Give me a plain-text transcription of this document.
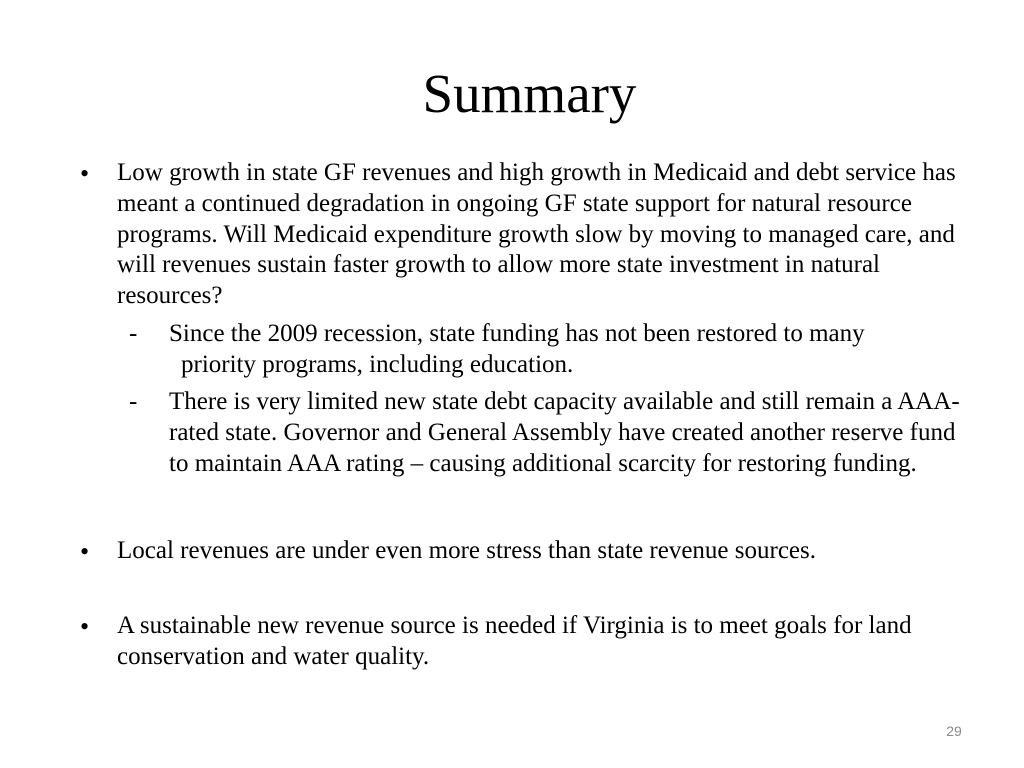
Summary
• Low growth in state GF revenues and high growth in Medicaid and debt service has meant a continued degradation in ongoing GF state support for natural resource programs. Will Medicaid expenditure growth slow by moving to managed care, and will revenues sustain faster growth to allow more state investment in natural resources?

- Since the 2009 recession, state funding has not been restored to many
priority programs, including education.
- There is very limited new state debt capacity available and still remain a AAA-rated state. Governor and General Assembly have created another reserve fund to maintain AAA rating – causing additional scarcity for restoring funding.

• Local revenues are under even more stress than state revenue sources.

• A sustainable new revenue source is needed if Virginia is to meet goals for land conservation and water quality.

29
